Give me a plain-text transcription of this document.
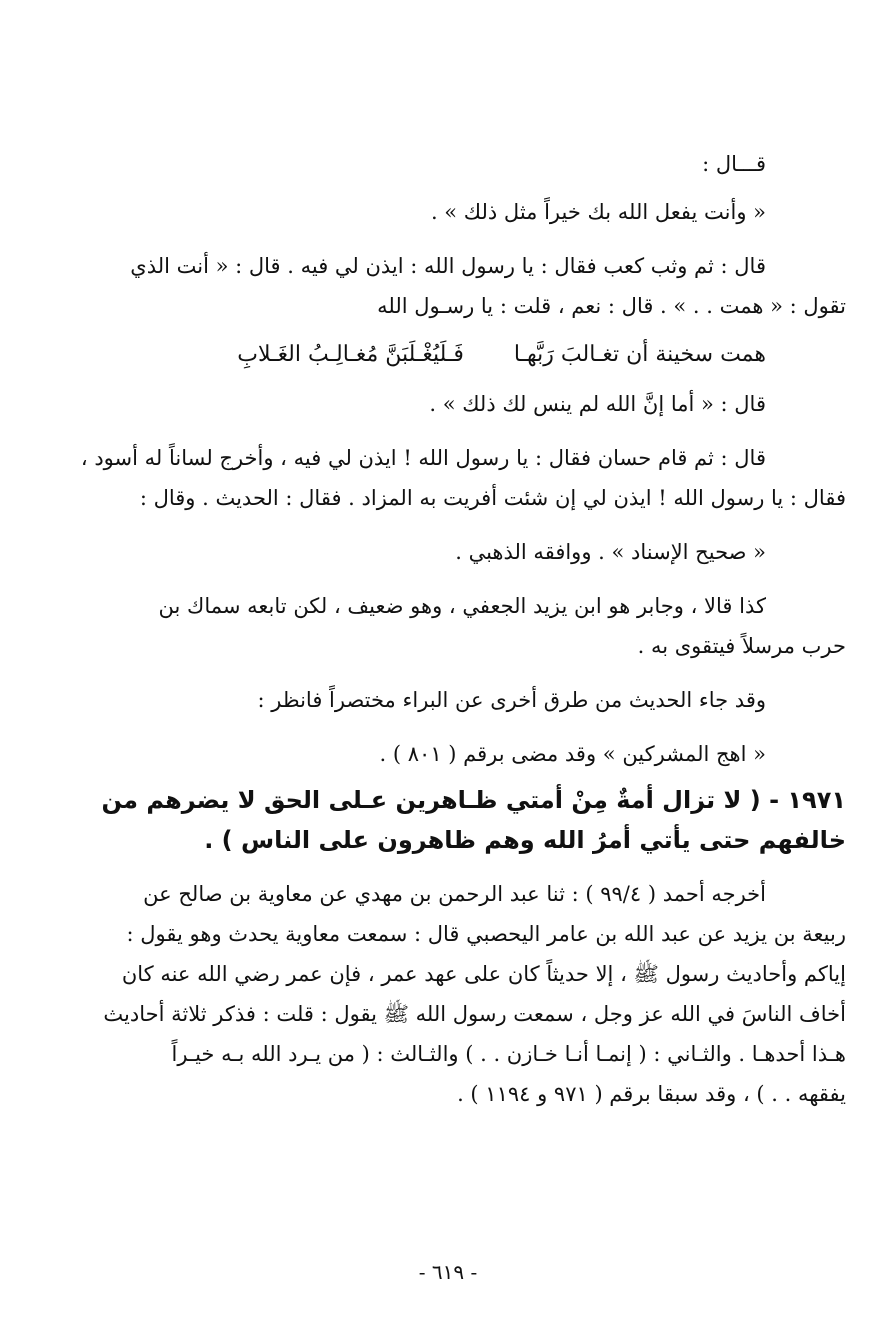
قـــال :
« وأنت يفعل الله بك خيراً مثل ذلك » .
قال : ثم وثب كعب فقال : يا رسول الله : ايذن لي فيه . قال : « أنت الذي
تقول : « همت . . » . قال : نعم ، قلت : يا رسـول الله
همت سخينة أن تغـالبَ رَبَّهـا
فَـلَيُغْـلَبَنَّ مُغـالِـبُ الغَـلابِ
قال : « أما إنَّ الله لم ينس لك ذلك » .
قال : ثم قام حسان فقال : يا رسول الله ! ايذن لي فيه ، وأخرج لساناً له أسود ،
فقال : يا رسول الله ! ايذن لي إن شئت أفريت به المزاد . فقال : الحديث . وقال :
« صحيح الإسناد » . ووافقه الذهبي .
كذا قالا ، وجابر هو ابن يزيد الجعفي ، وهو ضعيف ، لكن تابعه سماك بن
حرب مرسلاً فيتقوى به .
وقد جاء الحديث من طرق أخرى عن البراء مختصراً فانظر :
« اهج المشركين » وقد مضى برقم ( ٨٠١ ) .
١٩٧١ - ( لا تزال أمةٌ مِنْ أمتي ظـاهرين عـلى الحق لا يضرهم من
خالفهم حتى يأتي أمرُ الله وهم ظاهرون على الناس ) .
أخرجه أحمد ( ٩٩/٤ ) : ثنا عبد الرحمن بن مهدي عن معاوية بن صالح عن
ربيعة بن يزيد عن عبد الله بن عامر اليحصبي قال : سمعت معاوية يحدث وهو يقول :
إياكم وأحاديث رسول ﷺ ، إلا حديثاً كان على عهد عمر ، فإن عمر رضي الله عنه كان
أخاف الناسَ في الله عز وجل ، سمعت رسول الله ﷺ يقول : قلت : فذكر ثلاثة أحاديث
هـذا أحدهـا . والثـاني : ( إنمـا أنـا خـازن . . ) والثـالث : ( من يـرد الله بـه خيـراً
يفقهه . . ) ، وقد سبقا برقم ( ٩٧١ و ١١٩٤ ) .
- ٦١٩ -
